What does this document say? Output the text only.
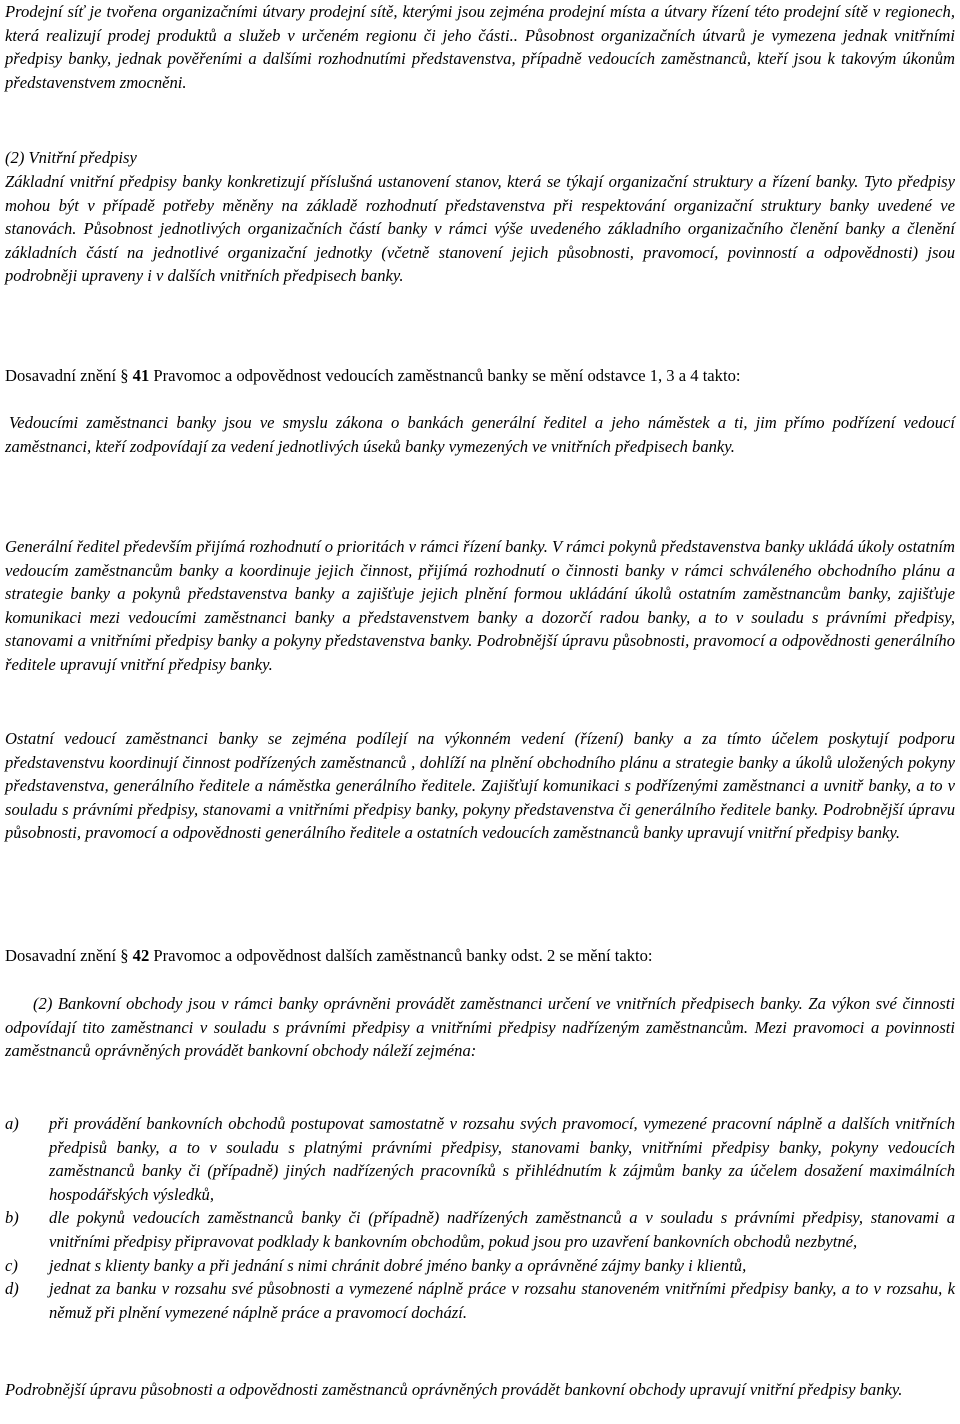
Prodejní síť je tvořena organizačními útvary prodejní sítě, kterými jsou zejména prodejní místa a útvary řízení této prodejní sítě v regionech, která realizují prodej produktů a služeb v určeném regionu či jeho části.. Působnost organizačních útvarů je vymezena jednak vnitřními předpisy banky, jednak pověřeními a dalšími rozhodnutími představenstva, případně vedoucích zaměstnanců, kteří jsou k takovým úkonům představenstvem zmocněni.

(2) Vnitřní předpisy

Základní vnitřní předpisy banky konkretizují příslušná ustanovení stanov, která se týkají organizační struktury a řízení banky. Tyto předpisy mohou být v případě potřeby měněny na základě rozhodnutí představenstva při respektování organizační struktury banky uvedené ve stanovách. Působnost jednotlivých organizačních částí banky v rámci výše uvedeného základního organizačního členění banky a členění základních částí na jednotlivé organizační jednotky (včetně stanovení jejich působnosti, pravomocí, povinností a odpovědnosti) jsou podrobněji upraveny i v dalších vnitřních předpisech banky.

Dosavadní znění § 41 Pravomoc a odpovědnost vedoucích zaměstnanců banky se mění odstavce 1, 3 a 4 takto:

Vedoucími zaměstnanci banky jsou ve smyslu zákona o bankách generální ředitel a jeho náměstek a ti, jim přímo podřízení vedoucí zaměstnanci, kteří zodpovídají za vedení jednotlivých úseků banky vymezených ve vnitřních předpisech banky.

Generální ředitel především přijímá rozhodnutí o prioritách v rámci řízení banky. V rámci pokynů představenstva banky ukládá úkoly ostatním vedoucím zaměstnancům banky a koordinuje jejich činnost, přijímá rozhodnutí o činnosti banky v rámci schváleného obchodního plánu a strategie banky a pokynů představenstva banky a zajišťuje jejich plnění formou ukládání úkolů ostatním zaměstnancům banky, zajišťuje komunikaci mezi vedoucími zaměstnanci banky a představenstvem banky a dozorčí radou banky, a to v souladu s právními předpisy, stanovami a vnitřními předpisy banky a pokyny představenstva banky. Podrobnější úpravu působnosti, pravomocí a odpovědnosti generálního ředitele upravují vnitřní předpisy banky.

Ostatní vedoucí zaměstnanci banky se zejména podílejí na výkonném vedení (řízení) banky a za tímto účelem poskytují podporu představenstvu koordinují činnost podřízených zaměstnanců , dohlíží na plnění obchodního plánu a strategie banky a úkolů uložených pokyny představenstva, generálního ředitele a náměstka generálního ředitele. Zajišťují komunikaci s podřízenými zaměstnanci a uvnitř banky, a to v souladu s právními předpisy, stanovami a vnitřními předpisy banky, pokyny představenstva či generálního ředitele banky. Podrobnější úpravu působnosti, pravomocí a odpovědnosti generálního ředitele a ostatních vedoucích zaměstnanců banky upravují vnitřní předpisy banky.

Dosavadní znění § 42 Pravomoc a odpovědnost dalších zaměstnanců banky odst. 2 se mění takto:

(2) Bankovní obchody jsou v rámci banky oprávněni provádět zaměstnanci určení ve vnitřních předpisech banky. Za výkon své činnosti odpovídají tito zaměstnanci v souladu s právními předpisy a vnitřními předpisy nadřízeným zaměstnancům. Mezi pravomoci a povinnosti zaměstnanců oprávněných provádět bankovní obchody náleží zejména:

a)	při provádění bankovních obchodů postupovat samostatně v rozsahu svých pravomocí, vymezené pracovní náplně a dalších vnitřních předpisů banky, a to v souladu s platnými právními předpisy, stanovami banky, vnitřními předpisy banky, pokyny vedoucích zaměstnanců banky či (případně) jiných nadřízených pracovníků s přihlédnutím k zájmům banky za účelem dosažení maximálních hospodářských výsledků,
b)	dle pokynů vedoucích zaměstnanců banky či (případně) nadřízených zaměstnanců a v souladu s právními předpisy, stanovami a vnitřními předpisy připravovat podklady k bankovním obchodům, pokud jsou pro uzavření bankovních obchodů nezbytné,
c)	jednat s klienty banky a při jednání s nimi chránit dobré jméno banky a oprávněné zájmy banky i klientů,
d)	jednat za banku v rozsahu své působnosti a vymezené náplně práce v rozsahu stanoveném vnitřními předpisy banky, a to v rozsahu, k němuž při plnění vymezené náplně práce a pravomocí dochází.

Podrobnější úpravu působnosti a odpovědnosti zaměstnanců oprávněných provádět bankovní obchody upravují vnitřní předpisy banky.
